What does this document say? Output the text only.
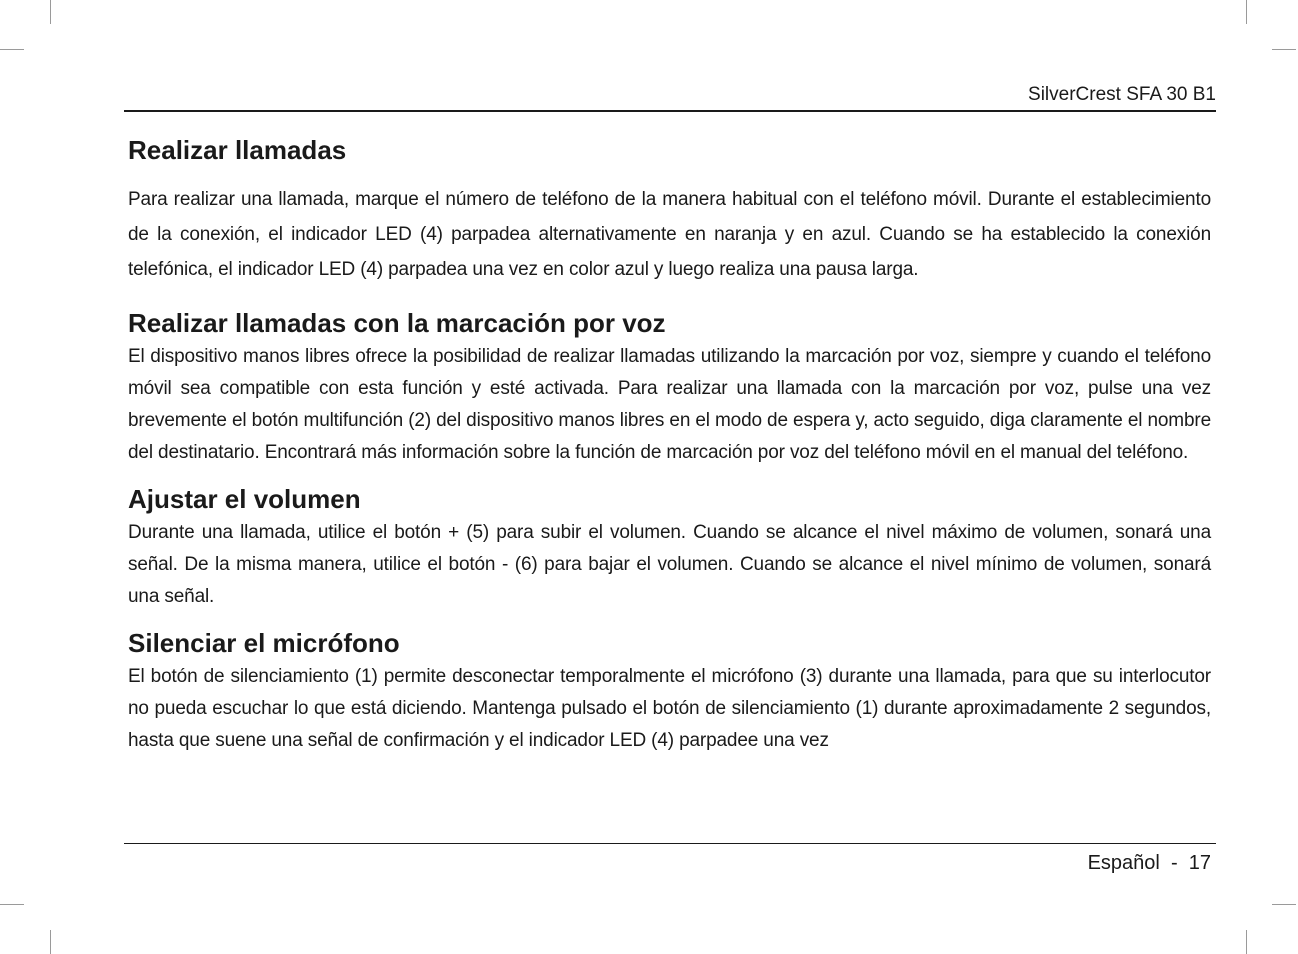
SilverCrest SFA 30 B1
Realizar llamadas

Para realizar una llamada, marque el número de teléfono de la manera habitual con el teléfono móvil. Durante el establecimiento de la conexión, el indicador LED (4) parpadea alternativamente en naranja y en azul. Cuando se ha establecido la conexión telefónica, el indicador LED (4) parpadea una vez en color azul y luego realiza una pausa larga.

Realizar llamadas con la marcación por voz

El dispositivo manos libres ofrece la posibilidad de realizar llamadas utilizando la marcación por voz, siempre y cuando el teléfono móvil sea compatible con esta función y esté activada. Para realizar una llamada con la marcación por voz, pulse una vez brevemente el botón multifunción (2) del dispositivo manos libres en el modo de espera y, acto seguido, diga claramente el nombre del destinatario. Encontrará más información sobre la función de marcación por voz del teléfono móvil en el manual del teléfono.

Ajustar el volumen

Durante una llamada, utilice el botón + (5) para subir el volumen. Cuando se alcance el nivel máximo de volumen, sonará una señal. De la misma manera, utilice el botón - (6) para bajar el volumen. Cuando se alcance el nivel mínimo de volumen, sonará una señal.

Silenciar el micrófono

El botón de silenciamiento (1) permite desconectar temporalmente el micrófono (3) durante una llamada, para que su interlocutor no pueda escuchar lo que está diciendo. Mantenga pulsado el botón de silenciamiento (1) durante aproximadamente 2 segundos, hasta que suene una señal de confirmación y el indicador LED (4) parpadee una vez

Español  -  17
